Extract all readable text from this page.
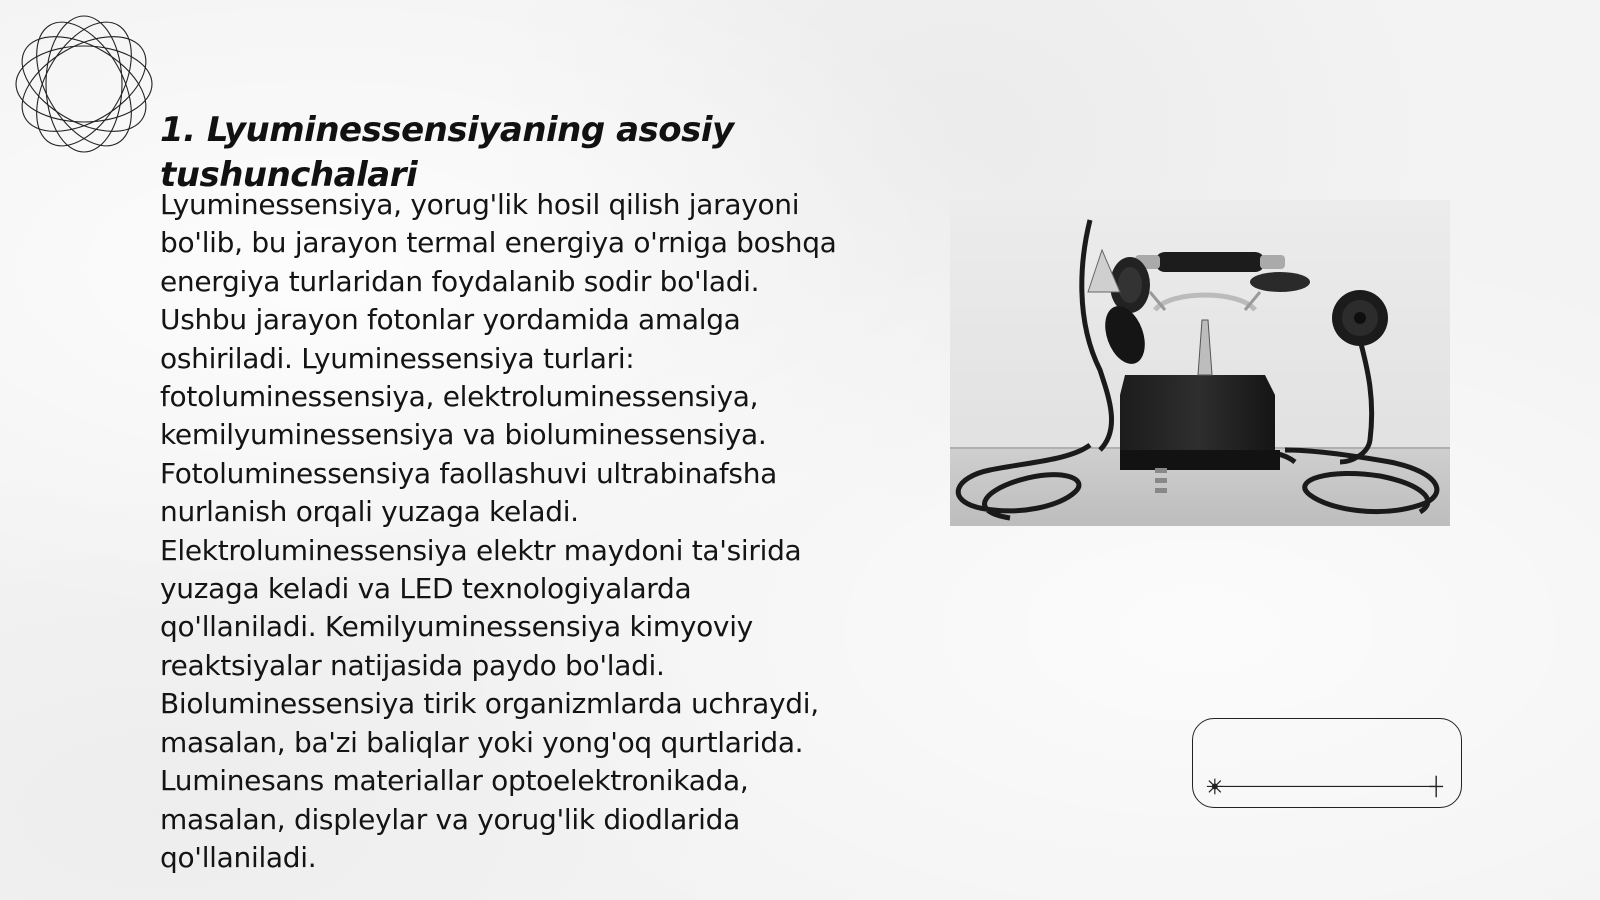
1. Lyuminessensiyaning asosiy tushunchalari

Lyuminessensiya, yorug'lik hosil qilish jarayoni bo'lib, bu jarayon termal energiya o'rniga boshqa energiya turlaridan foydalanib sodir bo'ladi. Ushbu jarayon fotonlar yordamida amalga oshiriladi. Lyuminessensiya turlari: fotoluminessensiya, elektroluminessensiya, kemilyuminessensiya va bioluminessensiya. Fotoluminessensiya faollashuvi ultrabinafsha nurlanish orqali yuzaga keladi. Elektroluminessensiya elektr maydoni ta'sirida yuzaga keladi va LED texnologiyalarda qo'llaniladi. Kemilyuminessensiya kimyoviy reaktsiyalar natijasida paydo bo'ladi. Bioluminessensiya tirik organizmlarda uchraydi, masalan, ba'zi baliqlar yoki yong'oq qurtlarida. Luminesans materiallar optoelektronikada, masalan, displeylar va yorug'lik diodlarida qo'llaniladi.
